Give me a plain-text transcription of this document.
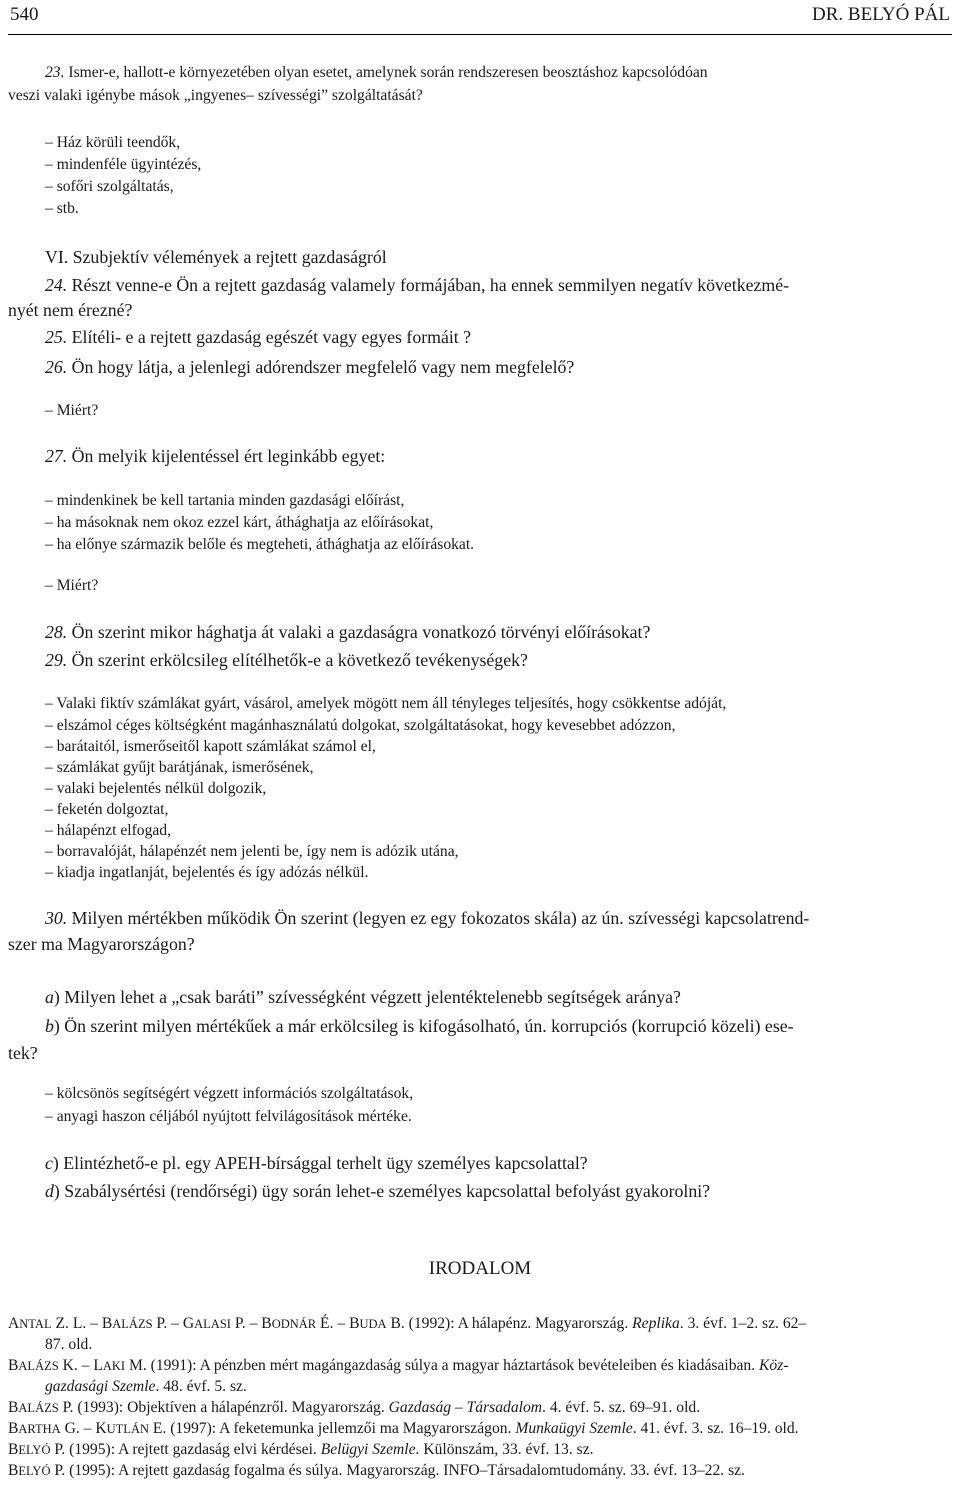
540	DR. BELYÓ PÁL
23. Ismer-e, hallott-e környezetében olyan esetet, amelynek során rendszeresen beosztáshoz kapcsolódóan
veszi valaki igénybe mások „ingyenes– szívességi” szolgáltatását?
– Ház körüli teendők,
– mindenféle ügyintézés,
– sofőri szolgáltatás,
– stb.
VI. Szubjektív vélemények a rejtett gazdaságról
24. Részt venne-e Ön a rejtett gazdaság valamely formájában, ha ennek semmilyen negatív következmé-
nyét nem érezné?
25. Elítéli- e a rejtett gazdaság egészét vagy egyes formáit ?
26. Ön hogy látja, a jelenlegi adórendszer megfelelő vagy nem megfelelő?
– Miért?
27. Ön melyik kijelentéssel ért leginkább egyet:
– mindenkinek be kell tartania minden gazdasági előírást,
– ha másoknak nem okoz ezzel kárt, áthághatja az előírásokat,
– ha előnye származik belőle és megteheti, áthághatja az előírásokat.
– Miért?
28. Ön szerint mikor hághatja át valaki a gazdaságra vonatkozó törvényi előírásokat?
29. Ön szerint erkölcsileg elítélhetők-e a következő tevékenységek?
– Valaki fiktív számlákat gyárt, vásárol, amelyek mögött nem áll tényleges teljesítés, hogy csökkentse adóját,
– elszámol céges költségként magánhasználatú dolgokat, szolgáltatásokat, hogy kevesebbet adózzon,
– barátaitól, ismerőseitől kapott számlákat számol el,
– számlákat gyűjt barátjának, ismerősének,
– valaki bejelentés nélkül dolgozik,
– feketén dolgoztat,
– hálapénzt elfogad,
– borravalóját, hálapénzét nem jelenti be, így nem is adózik utána,
– kiadja ingatlanját, bejelentés és így adózás nélkül.
30. Milyen mértékben működik Ön szerint (legyen ez egy fokozatos skála) az ún. szívességi kapcsolatrend-
szer ma Magyarországon?
a) Milyen lehet a „csak baráti” szívességként végzett jelentéktelenebb segítségek aránya?
b) Ön szerint milyen mértékűek a már erkölcsileg is kifogásolható, ún. korrupciós (korrupció közeli) ese-
tek?
– kölcsönös segítségért végzett információs szolgáltatások,
– anyagi haszon céljából nyújtott felvilágosítások mértéke.
c) Elintézhető-e pl. egy APEH-bírsággal terhelt ügy személyes kapcsolattal?
d) Szabálysértési (rendőrségi) ügy során lehet-e személyes kapcsolattal befolyást gyakorolni?
IRODALOM
ANTAL Z. L. – BALÁZS P. – GALASI P. – BODNÁR É. – BUDA B. (1992): A hálapénz. Magyarország. Replika. 3. évf. 1–2. sz. 62–
87. old.
BALÁZS K. – LAKI M. (1991): A pénzben mért magángazdaság súlya a magyar háztartások bevételeiben és kiadásaiban. Köz-
gazdasági Szemle. 48. évf. 5. sz.
BALÁZS P. (1993): Objektíven a hálapénzről. Magyarország. Gazdaság – Társadalom. 4. évf. 5. sz. 69–91. old.
BARTHA G. – KUTLÁN E. (1997): A feketemunka jellemzői ma Magyarországon. Munkaügyi Szemle. 41. évf. 3. sz. 16–19. old.
BELYÓ P. (1995): A rejtett gazdaság elvi kérdései. Belügyi Szemle. Különszám, 33. évf. 13. sz.
BELYÓ P. (1995): A rejtett gazdaság fogalma és súlya. Magyarország. INFO–Társadalomtudomány. 33. évf. 13–22. sz.
